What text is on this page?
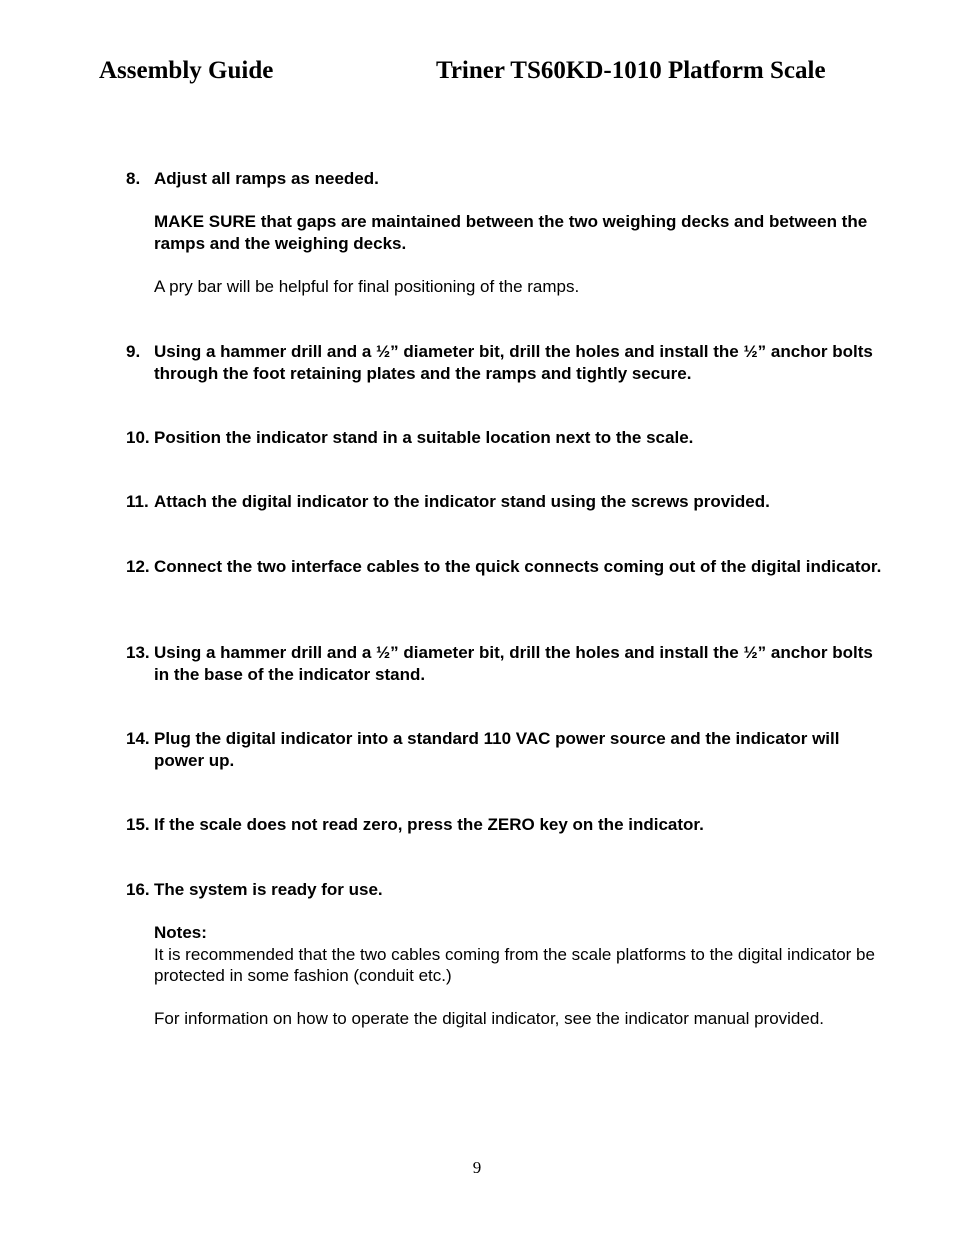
Assembly Guide	Triner TS60KD-1010 Platform Scale
8. Adjust all ramps as needed.

MAKE SURE that gaps are maintained between the two weighing decks and between the ramps and the weighing decks.

A pry bar will be helpful for final positioning of the ramps.

9. Using a hammer drill and a ½” diameter bit, drill the holes and install the ½” anchor bolts through the foot retaining plates and the ramps and tightly secure.

10. Position the indicator stand in a suitable location next to the scale.

11. Attach the digital indicator to the indicator stand using the screws provided.

12. Connect the two interface cables to the quick connects coming out of the digital indicator.

13. Using a hammer drill and a ½” diameter bit, drill the holes and install the ½” anchor bolts in the base of the indicator stand.

14. Plug the digital indicator into a standard 110 VAC power source and the indicator will power up.

15. If the scale does not read zero, press the ZERO key on the indicator.

16. The system is ready for use.

Notes:

It is recommended that the two cables coming from the scale platforms to the digital indicator be protected in some fashion (conduit etc.)

For information on how to operate the digital indicator, see the indicator manual provided.

9
